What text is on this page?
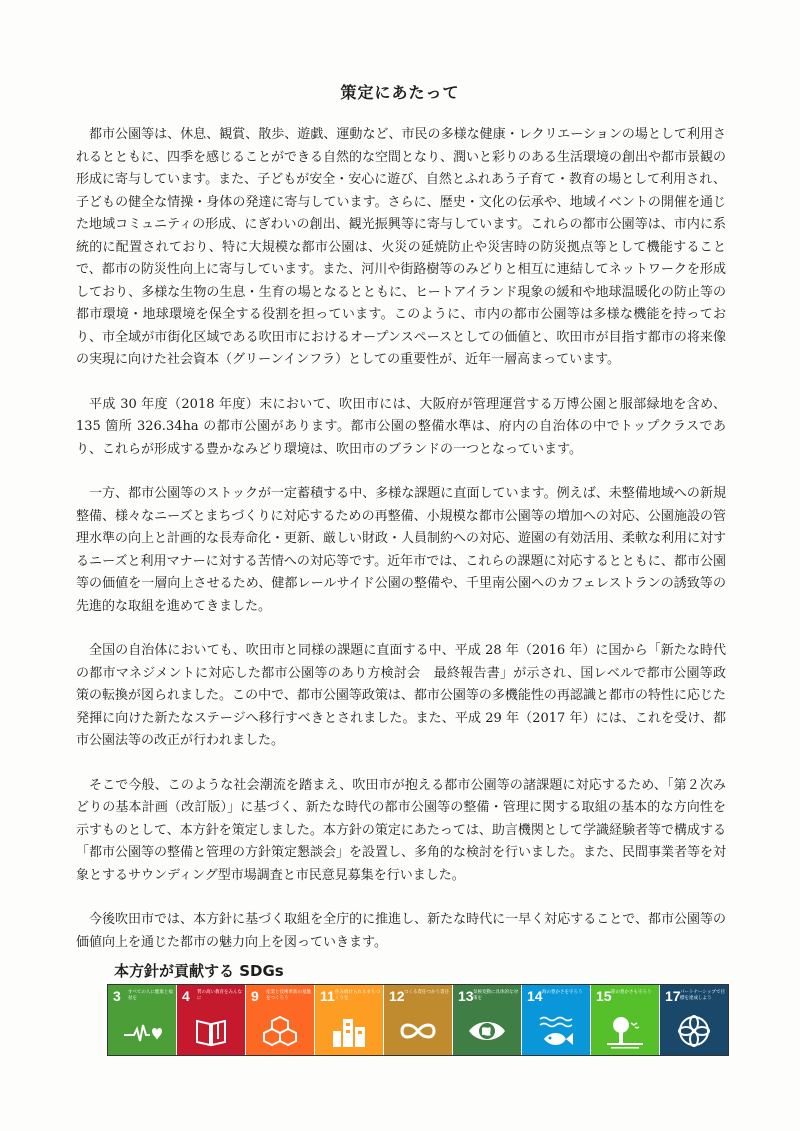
策定にあたって

都市公園等は、休息、観賞、散歩、遊戯、運動など、市民の多様な健康・レクリエーションの場として利用されるとともに、四季を感じることができる自然的な空間となり、潤いと彩りのある生活環境の創出や都市景観の形成に寄与しています。また、子どもが安全・安心に遊び、自然とふれあう子育て・教育の場として利用され、子どもの健全な情操・身体の発達に寄与しています。さらに、歴史・文化の伝承や、地域イベントの開催を通じた地域コミュニティの形成、にぎわいの創出、観光振興等に寄与しています。これらの都市公園等は、市内に系統的に配置されており、特に大規模な都市公園は、火災の延焼防止や災害時の防災拠点等として機能することで、都市の防災性向上に寄与しています。また、河川や街路樹等のみどりと相互に連結してネットワークを形成しており、多様な生物の生息・生育の場となるとともに、ヒートアイランド現象の緩和や地球温暖化の防止等の都市環境・地球環境を保全する役割を担っています。このように、市内の都市公園等は多様な機能を持っており、市全域が市街化区域である吹田市におけるオープンスペースとしての価値と、吹田市が目指す都市の将来像の実現に向けた社会資本（グリーンインフラ）としての重要性が、近年一層高まっています。

平成 30 年度（2018 年度）末において、吹田市には、大阪府が管理運営する万博公園と服部緑地を含め、135 箇所 326.34ha の都市公園があります。都市公園の整備水準は、府内の自治体の中でトップクラスであり、これらが形成する豊かなみどり環境は、吹田市のブランドの一つとなっています。

一方、都市公園等のストックが一定蓄積する中、多様な課題に直面しています。例えば、未整備地域への新規整備、様々なニーズとまちづくりに対応するための再整備、小規模な都市公園等の増加への対応、公園施設の管理水準の向上と計画的な長寿命化・更新、厳しい財政・人員制約への対応、遊園の有効活用、柔軟な利用に対するニーズと利用マナーに対する苦情への対応等です。近年市では、これらの課題に対応するとともに、都市公園等の価値を一層向上させるため、健都レールサイド公園の整備や、千里南公園へのカフェレストランの誘致等の先進的な取組を進めてきました。

全国の自治体においても、吹田市と同様の課題に直面する中、平成 28 年（2016 年）に国から「新たな時代の都市マネジメントに対応した都市公園等のあり方検討会　最終報告書」が示され、国レベルで都市公園等政策の転換が図られました。この中で、都市公園等政策は、都市公園等の多機能性の再認識と都市の特性に応じた発揮に向けた新たなステージへ移行すべきとされました。また、平成 29 年（2017 年）には、これを受け、都市公園法等の改正が行われました。

そこで今般、このような社会潮流を踏まえ、吹田市が抱える都市公園等の諸課題に対応するため、「第２次みどりの基本計画（改訂版）」に基づく、新たな時代の都市公園等の整備・管理に関する取組の基本的な方向性を示すものとして、本方針を策定しました。本方針の策定にあたっては、助言機関として学識経験者等で構成する「都市公園等の整備と管理の方針策定懇談会」を設置し、多角的な検討を行いました。また、民間事業者等を対象とするサウンディング型市場調査と市民意見募集を行いました。

今後吹田市では、本方針に基づく取組を全庁的に推進し、新たな時代に一早く対応することで、都市公園等の価値向上を通じた都市の魅力向上を図っていきます。

本方針が貢献する SDGs
3 すべての人に健康と福祉を	4 質の高い教育をみんなに	9 産業と技術革新の基盤をつくろう	11 住み続けられるまちづくりを	12 つくる責任つかう責任 13 気候変動に具体的な対策を	14 海の豊かさを守ろう 15 陸の豊かさも守ろう 17 パートナーシップで目標を達成しよう
